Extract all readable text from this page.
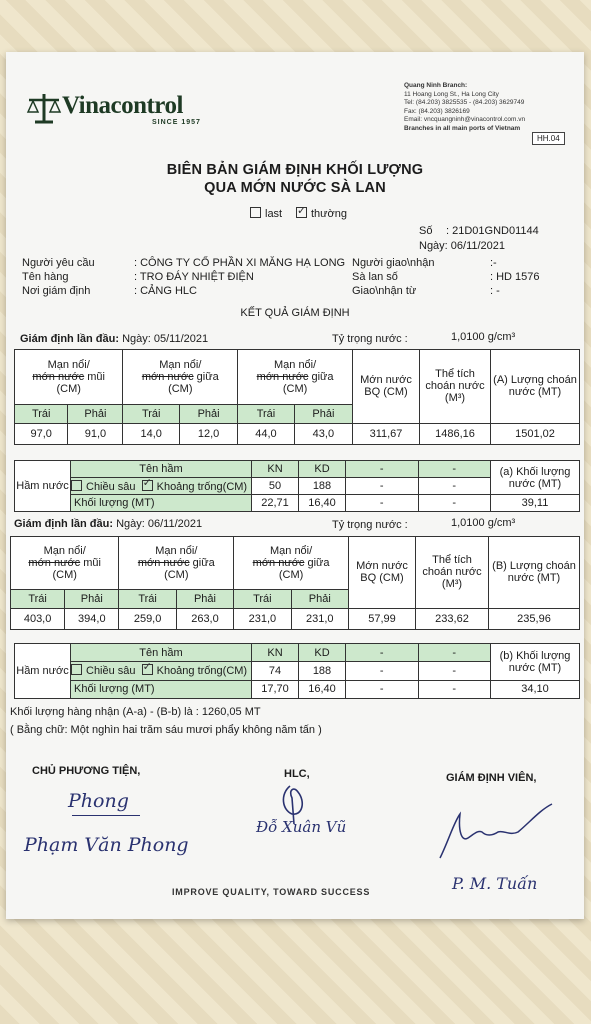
Vinacontrol
SINCE 1957
Quang Ninh Branch:
11 Hoang Long St., Ha Long City
Tel: (84.203) 3825535 - (84.203) 3629749
Fax: (84.203) 3826169
Email: vncquangninh@vinacontrol.com.vn
Branches in all main ports of Vietnam
HH.04
BIÊN BẢN GIÁM ĐỊNH KHỐI LƯỢNG
QUA MỚN NƯỚC SÀ LAN
last ✓	thường
Số : 21D01GND01144
Ngày: 06/11/2021
Người yêu cầu	: CÔNG TY CỔ PHẦN XI MĂNG HẠ LONG Người giao\nhận	:-
Tên hàng	: TRO ĐÁY NHIỆT ĐIỆN	Sà lan số	: HD 1576
Nơi giám định	: CẢNG HLC	Giao\nhận từ	: -
KẾT QUẢ GIÁM ĐỊNH
Giám định lần đầu: Ngày: 05/11/2021	Tỷ trọng nước :	1,0100 g/cm³
Mạn nổi/
mớn nước mũi
(CM)		Mạn nổi/
mớn nước giữa
(CM)		Mạn nổi/
mớn nước giữa
(CM)		Mớn nước BQ (CM)	Thể tích choán nước
(M³)	(A) Lượng choán nước (MT)
Trái	Phải	Trái	Phải	Trái	Phải			
97,0	91,0	14,0	12,0	44,0	43,0	311,67	1486,16	1501,02
Hầm nước	Tên hầm	KN	KD	-	-	(a) Khối lượng nước (MT)
	Chiều sâu ✓ Khoảng trống(CM)	50	188	-	-	
	Khối lượng (MT)	22,71	16,40	-	-	39,11
Giám định lần đầu: Ngày: 06/11/2021	Tỷ trọng nước :	1,0100 g/cm³
Mạn nổi/
mớn nước mũi
(CM)		Mạn nổi/
mớn nước giữa
(CM)		Mạn nổi/
mớn nước giữa
(CM)		Mớn nước BQ (CM)	Thể tích choán nước
(M³)	(B) Lượng choán nước (MT)
Trái	Phải	Trái	Phải	Trái	Phải			
403,0	394,0	259,0	263,0	231,0	231,0	57,99	233,62	235,96
Hầm nước	Tên hầm	KN	KD	-	-	(b) Khối lượng nước (MT)
	Chiều sâu ✓ Khoảng trống(CM)	74	188	-	-	
	Khối lượng (MT)	17,70	16,40	-	-	34,10
Khối lượng hàng nhận (A-a) - (B-b) là : 1260,05 MT
( Bằng chữ: Một nghìn hai trăm sáu mươi phẩy không năm tấn )
CHỦ PHƯƠNG TIỆN,	HLC,	GIÁM ĐỊNH VIÊN,
Phong
Phạm Văn Phong
Đỗ Xuân Vũ
P. M. Tuấn
IMPROVE QUALITY, TOWARD SUCCESS
